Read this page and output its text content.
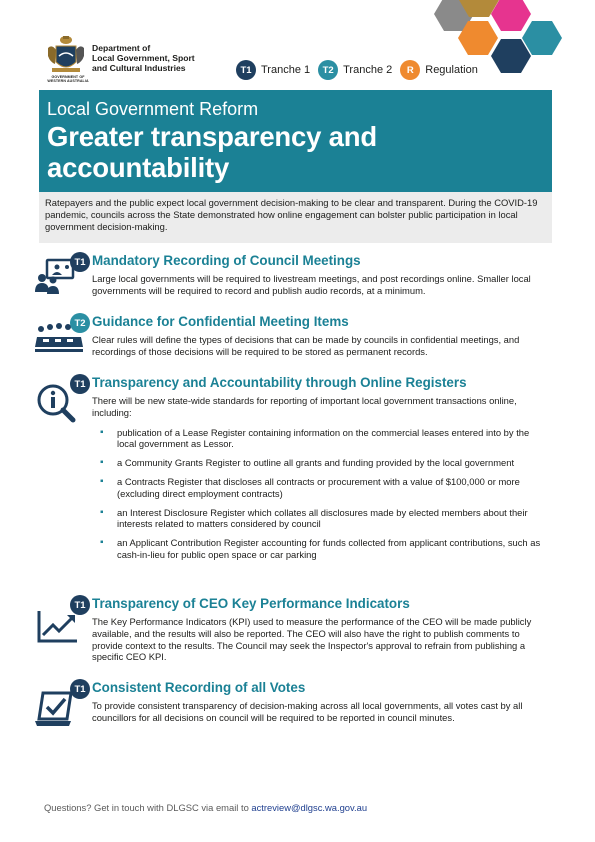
GOVERNMENT OF
WESTERN AUSTRALIA
Department of
Local Government, Sport
and Cultural Industries	T1 Tranche 1	T2 Tranche 2	R	Regulation
Local Government Reform
Greater transparency and
accountability
Ratepayers and the public expect local government decision-making to be clear and transparent. During the COVID-19 pandemic, councils across the State demonstrated how online engagement can bolster public participation in local government decision-making.
T1 Mandatory Recording of Council Meetings
Large local governments will be required to livestream meetings, and post recordings online. Smaller local governments will be required to record and publish audio records, at a minimum.
T2 Guidance for Confidential Meeting Items
Clear rules will define the types of decisions that can be made by councils in confidential meetings, and recordings of those decisions will be required to be stored as permanent records.
T1 Transparency and Accountability through Online Registers
There will be new state-wide standards for reporting of important local government transactions online, including:
▪ publication of a Lease Register containing information on the commercial leases entered into by the local government as Lessor.
▪ a Community Grants Register to outline all grants and funding provided by the local government
▪ a Contracts Register that discloses all contracts or procurement with a value of $100,000 or more (excluding direct employment contracts)
▪ an Interest Disclosure Register which collates all disclosures made by elected members about their interests related to matters considered by council
▪ an Applicant Contribution Register accounting for funds collected from applicant contributions, such as cash-in-lieu for public open space or car parking
T1 Transparency of CEO Key Performance Indicators
The Key Performance Indicators (KPI) used to measure the performance of the CEO will be made publicly available, and the results will also be reported. The CEO will also have the right to publish comments to provide context to the results. The Council may seek the Inspector's approval to refrain from publishing a specific CEO KPI.
T1 Consistent Recording of all Votes
To provide consistent transparency of decision-making across all local governments, all votes cast by all councillors for all decisions on council will be required to be reported in council minutes.
Questions? Get in touch with DLGSC via email to actreview@dlgsc.wa.gov.au
